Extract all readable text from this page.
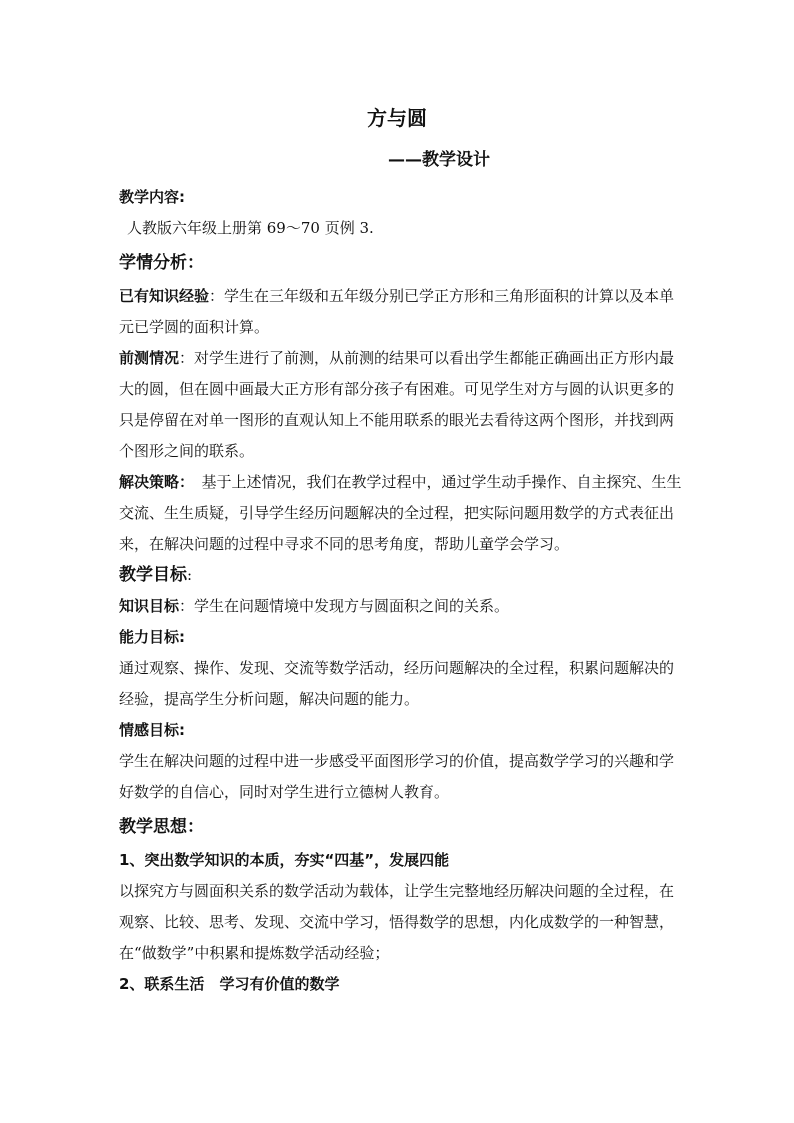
方与圆
——教学设计

教学内容:

人教版六年级上册第 69～70 页例 3.

学情分析：

已有知识经验：学生在三年级和五年级分别已学正方形和三角形面积的计算以及本单元已学圆的面积计算。

前测情况：对学生进行了前测，从前测的结果可以看出学生都能正确画出正方形内最大的圆，但在圆中画最大正方形有部分孩子有困难。可见学生对方与圆的认识更多的只是停留在对单一图形的直观认知上不能用联系的眼光去看待这两个图形，并找到两个图形之间的联系。

解决策略：　基于上述情况，我们在教学过程中，通过学生动手操作、自主探究、生生交流、生生质疑，引导学生经历问题解决的全过程，把实际问题用数学的方式表征出来，在解决问题的过程中寻求不同的思考角度，帮助儿童学会学习。

教学目标:

知识目标：学生在问题情境中发现方与圆面积之间的关系。

能力目标:

通过观察、操作、发现、交流等数学活动，经历问题解决的全过程，积累问题解决的经验，提高学生分析问题，解决问题的能力。

情感目标:

学生在解决问题的过程中进一步感受平面图形学习的价值，提高数学学习的兴趣和学好数学的自信心，同时对学生进行立德树人教育。

教学思想：

1、突出数学知识的本质，夯实“四基”，发展四能

以探究方与圆面积关系的数学活动为载体，让学生完整地经历解决问题的全过程，在观察、比较、思考、发现、交流中学习，悟得数学的思想，内化成数学的一种智慧，在“做数学”中积累和提炼数学活动经验；

2、联系生活　学习有价值的数学
